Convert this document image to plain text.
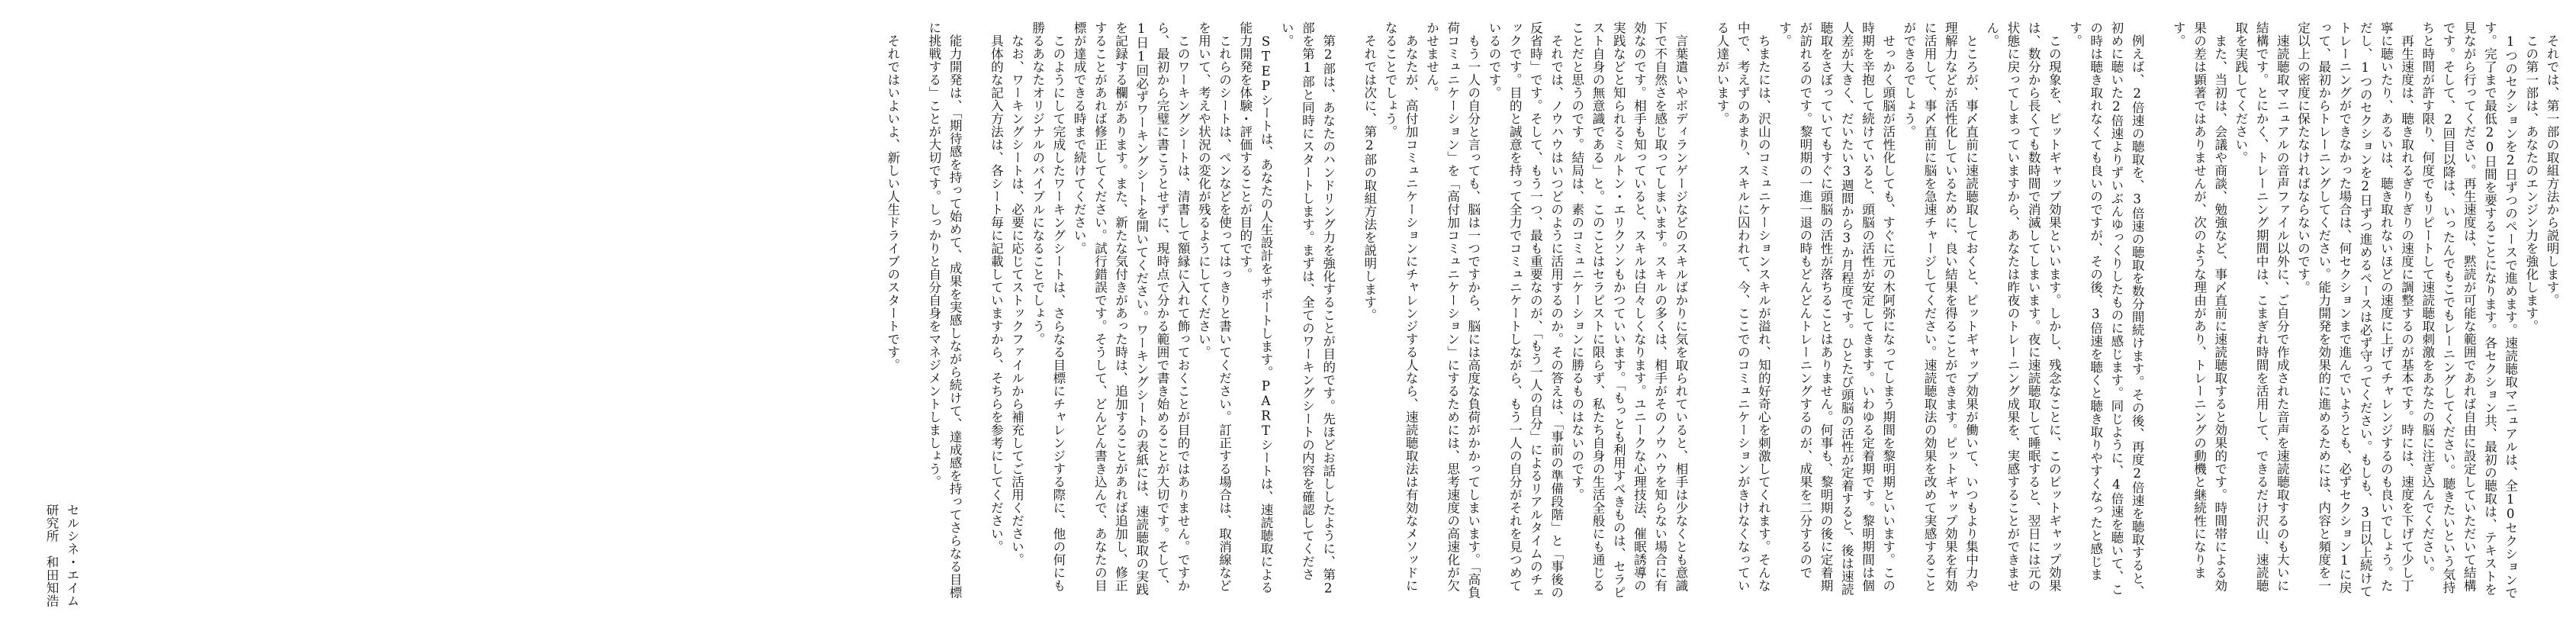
それでは、第一部の取組方法から説明します。

この第一部は、あなたのエンジン力を強化します。

1つのセクションを2日ずつのペースで進めます。速読聴取マニュアルは、全10セクションです。完了まで最低20日間を要することになります。各セクション共、最初の聴取は、テキストを見ながら行ってください。再生速度は、黙読が可能な範囲であれば自由に設定していただいて結構です。そして、2回目以降は、いったんでもこでもレーニングしてください。聴きたいという気持ちと時間が許す限り、何度でもリピートして速読聴取刺激をあなたの脳に注ぎ込んでください。

再生速度は、聴き取れるぎりぎりの速度に調整するのが基本です。時には、速度を下げて少し丁寧に聴いたり、あるいは、聴き取れないほどの速度に上げてチャレンジするのも良いでしょう。ただし、1つのセクションを2日ずつ進めるペースは必ず守ってください。もしも、3日以上続けてトレーニングができなかった場合は、何セクションまで進んでいようとも、必ずセクション1に戻って、最初からトレーニングしてください。能力開発を効果的に進めるためには、内容と頻度を一定以上の密度に保たなければならないのです。

速読聴取マニュアルの音声ファイル以外に、ご自分で作成された音声を速読聴取するのも大いに結構です。とにかく、トレーニング期間中は、こまぎれ時間を活用して、できるだけ沢山、速読聴取を実践してください。

また、当初は、会議や商談、勉強など、事〆直前に速読聴取すると効果的です。時間帯による効果の差は顕著ではありませんが、次のような理由があり、トレーニングの動機と継続性になります。

例えば、2倍速の聴取を、3倍速の聴取を数分間続けます。その後、再度2倍速を聴取すると、初めに聴いた2倍速よりずいぶんゆっくりしたものに感じます。同じように、4倍速を聴いて、この時は聴き取れなくても良いのですが、その後、3倍速を聴くと聴き取りやすくなったと感じます。

この現象を、ピットギャップ効果といいます。しかし、残念なことに、このピットギャップ効果は、数分から長くても数時間で消滅してしまいます。夜に速読聴取して睡眠すると、翌日には元の状態に戻ってしまっていますから、あなたは昨夜のトレーニング成果を、実感することができません。

ところが、事〆直前に速読聴取しておくと、ピットギャップ効果が働いて、いつもより集中力や理解力などが活性化しているために、良い結果を得ることができます。ピットギャップ効果を有効に活用して、事〆直前に脳を急速チャージしてください。速読聴取法の効果を改めて実感することができるでしょう。

せっかく頭脳が活性化しても、すぐに元の木阿弥になってしまう期間を黎明期といいます。この時期を辛抱して続けていると、頭脳の活性が安定してきます。いわゆる定着期です。黎明期間は個人差が大きく、だいたい3週間から3か月程度です。ひとたび頭脳の活性が定着すると、後は速読聴取をさぼっていてもすぐに頭脳の活性が落ちることはありません。何事も、黎明期の後に定着期が訪れるのです。黎明期の一進一退の時もどんどんトレーニングするのが、成果を二分するのです。

ちまたには、沢山のコミュニケーションスキルが溢れ、知的好奇心を刺激してくれます。そんな中で、考えずのあまり、スキルに囚われて、今、ここでのコミュニケーションがきけなくなっている人達がいます。

言葉遣いやボディランゲージなどのスキルばかりに気を取られていると、相手は少なくとも意識下で不自然さを感じ取ってしまいます。スキルの多くは、相手がそのノウハウを知らない場合に有効なのです。相手も知っていると、スキルは白々しくなります。ユニークな心理技法、催眠誘導の実践などと知られるミルトン・エリクソンもかつていいます。「もっとも利用すべきものは、セラピスト自身の無意識である」と。このことはセラピストに限らず、私たち自身の生活全般にも通じることだと思うのです。結局は、素のコミュニケーションに勝るものはないのです。

それでは、ノウハウはいつどのように活用するのか。その答えは、「事前の準備段階」と「事後の反省時」です。そして、もう一つ、最も重要なのが、「もう一人の自分」によるリアルタイムのチェックです。目的と誠意を持って全力でコミュニケートしながら、もう一人の自分がそれを見つめているのです。

もう一人の自分と言っても、脳は一つですから、脳には高度な負荷がかかってしまいます。「高負荷コミュニケーション」を「高付加コミュニケーション」にするためには、思考速度の高速化が欠かせません。

あなたが、高付加コミュニケーションにチャレンジする人なら、速読聴取法は有効なメソッドになることでしょう。

それでは次に、第2部の取組方法を説明します。

第2部は、あなたのハンドリング力を強化することが目的です。先ほどお話ししたように、第2部を第1部と同時にスタートします。まずは、全てのワーキングシートの内容を確認してください。

STEPシートは、あなたの人生設計をサポートします。PARTシートは、速読聴取による能力開発を体験・評価することが目的です。

これらのシートは、ペンなどを使ってはっきりと書いてください。訂正する場合は、取消線などを用いて、考えや状況の変化が残るようにしてください。

このワーキングシートは、清書して額縁に入れて飾っておくことが目的ではありません。ですから、最初から完璧に書こうとせずに、現時点で分かる範囲で書き始めることが大切です。そして、1日1回必ずワーキングシートを開いてください。ワーキングシートの表紙には、速読聴取の実践を記録する欄があります。また、新たな気付きがあった時は、追加することがあれば追加し、修正することがあれば修正してください。試行錯誤です。そうして、どんどん書き込んで、あなたの目標が達成できる時まで続けてください。

このようにして完成したワーキングシートは、さらなる目標にチャレンジする際に、他の何にも勝るあなたオリジナルのバイブルになることでしょう。

なお、ワーキングシートは、必要に応じてストックファイルから補充してご活用ください。

具体的な記入方法は、各シート毎に記載していますから、そちらを参考にしてください。

能力開発は、「期待感を持って始めて、成果を実感しながら続けて、達成感を持ってさらなる目標に挑戦する」ことが大切です。しっかりと自分自身をマネジメントしましょう。

それではいよいよ、新しい人生ドライブのスタートです。

セルシネ・エイム研究所　和田知浩
